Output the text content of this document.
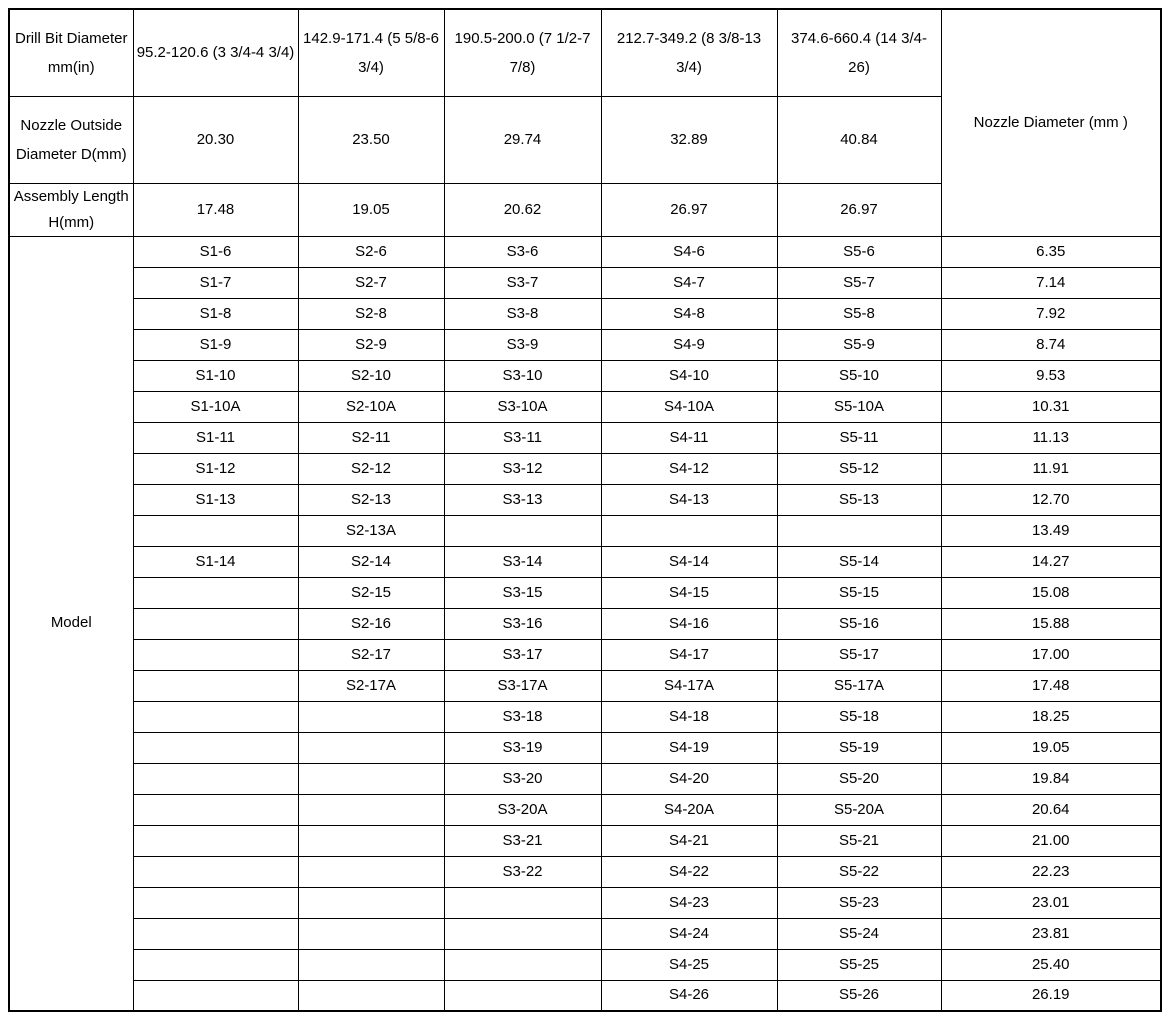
Drill Bit Diameter mm(in)	95.2-120.6 (3 3/4-4 3/4)	142.9-171.4 (5 5/8-6 3/4)	190.5-200.0 (7 1/2-7 7/8)	212.7-349.2 (8 3/8-13 3/4)	374.6-660.4 (14 3/4-26)	Nozzle Diameter (mm )
Nozzle Outside Diameter D(mm)	20.30	23.50	29.74	32.89	40.84	
Assembly Length H(mm)	17.48	19.05	20.62	26.97	26.97	
Model	S1-6	S2-6	S3-6	S4-6	S5-6	6.35
	S1-7	S2-7	S3-7	S4-7	S5-7	7.14
	S1-8	S2-8	S3-8	S4-8	S5-8	7.92
	S1-9	S2-9	S3-9	S4-9	S5-9	8.74
	S1-10	S2-10	S3-10	S4-10	S5-10	9.53
	S1-10A	S2-10A	S3-10A	S4-10A	S5-10A	10.31
	S1-11	S2-11	S3-11	S4-11	S5-11	11.13
	S1-12	S2-12	S3-12	S4-12	S5-12	11.91
	S1-13	S2-13	S3-13	S4-13	S5-13	12.70
		S2-13A				13.49
	S1-14	S2-14	S3-14	S4-14	S5-14	14.27
		S2-15	S3-15	S4-15	S5-15	15.08
		S2-16	S3-16	S4-16	S5-16	15.88
		S2-17	S3-17	S4-17	S5-17	17.00
		S2-17A	S3-17A	S4-17A	S5-17A	17.48
			S3-18	S4-18	S5-18	18.25
			S3-19	S4-19	S5-19	19.05
			S3-20	S4-20	S5-20	19.84
			S3-20A	S4-20A	S5-20A	20.64
			S3-21	S4-21	S5-21	21.00
			S3-22	S4-22	S5-22	22.23
				S4-23	S5-23	23.01
				S4-24	S5-24	23.81
				S4-25	S5-25	25.40
				S4-26	S5-26	26.19
